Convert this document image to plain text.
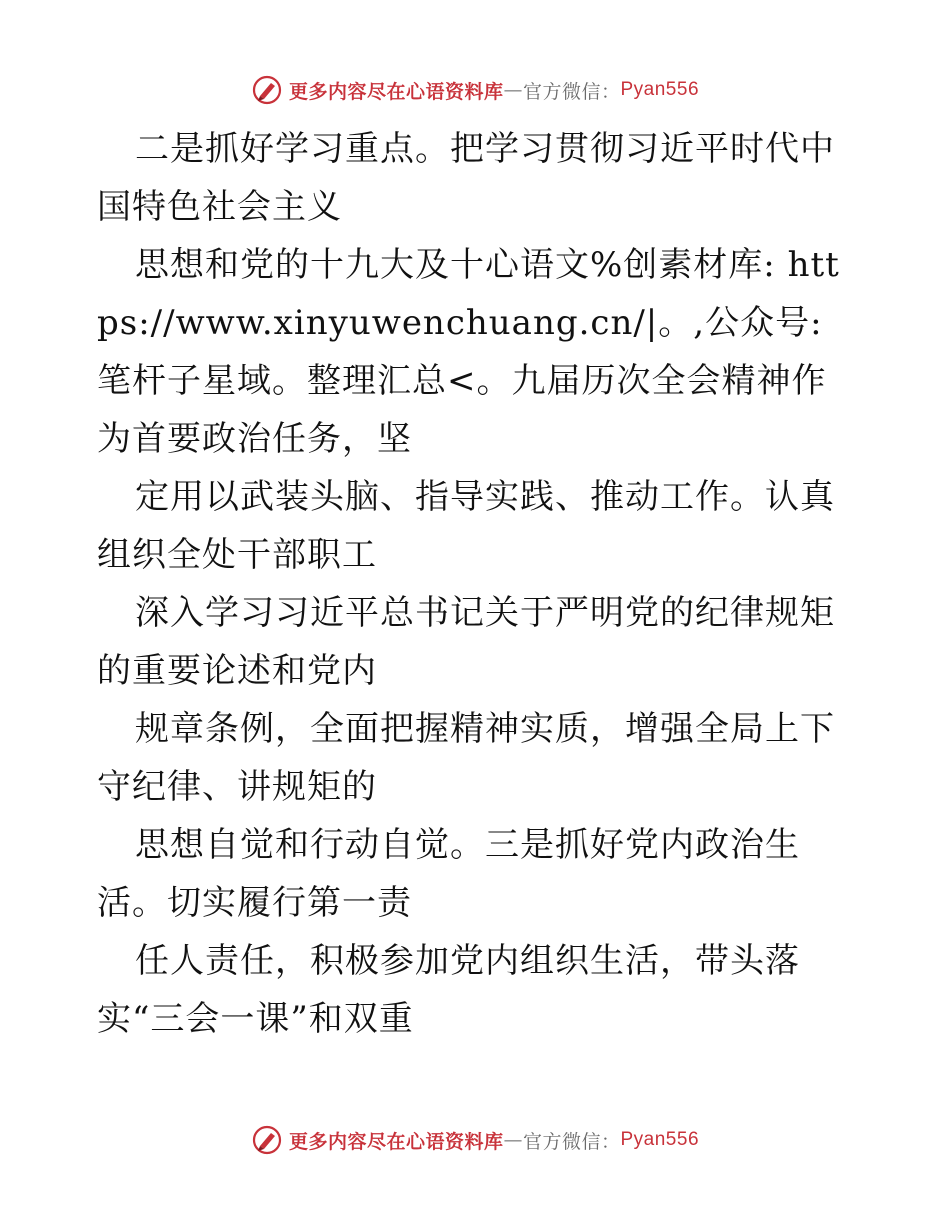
更多内容尽在心语资料库 — 官方微信： Pyan556

二是抓好学习重点。把学习贯彻习近平时代中国特色社会主义

思想和党的十九大及十心语文%创素材库: https://www.xinyuwenchuang.cn/|。,公众号: 笔杆子星域。整理汇总<。九届历次全会精神作为首要政治任务，坚

定用以武装头脑、指导实践、推动工作。认真组织全处干部职工

深入学习习近平总书记关于严明党的纪律规矩的重要论述和党内

规章条例，全面把握精神实质，增强全局上下守纪律、讲规矩的

思想自觉和行动自觉。三是抓好党内政治生活。切实履行第一责

任人责任，积极参加党内组织生活，带头落实“三会一课”和双重

更多内容尽在心语资料库 — 官方微信： Pyan556
